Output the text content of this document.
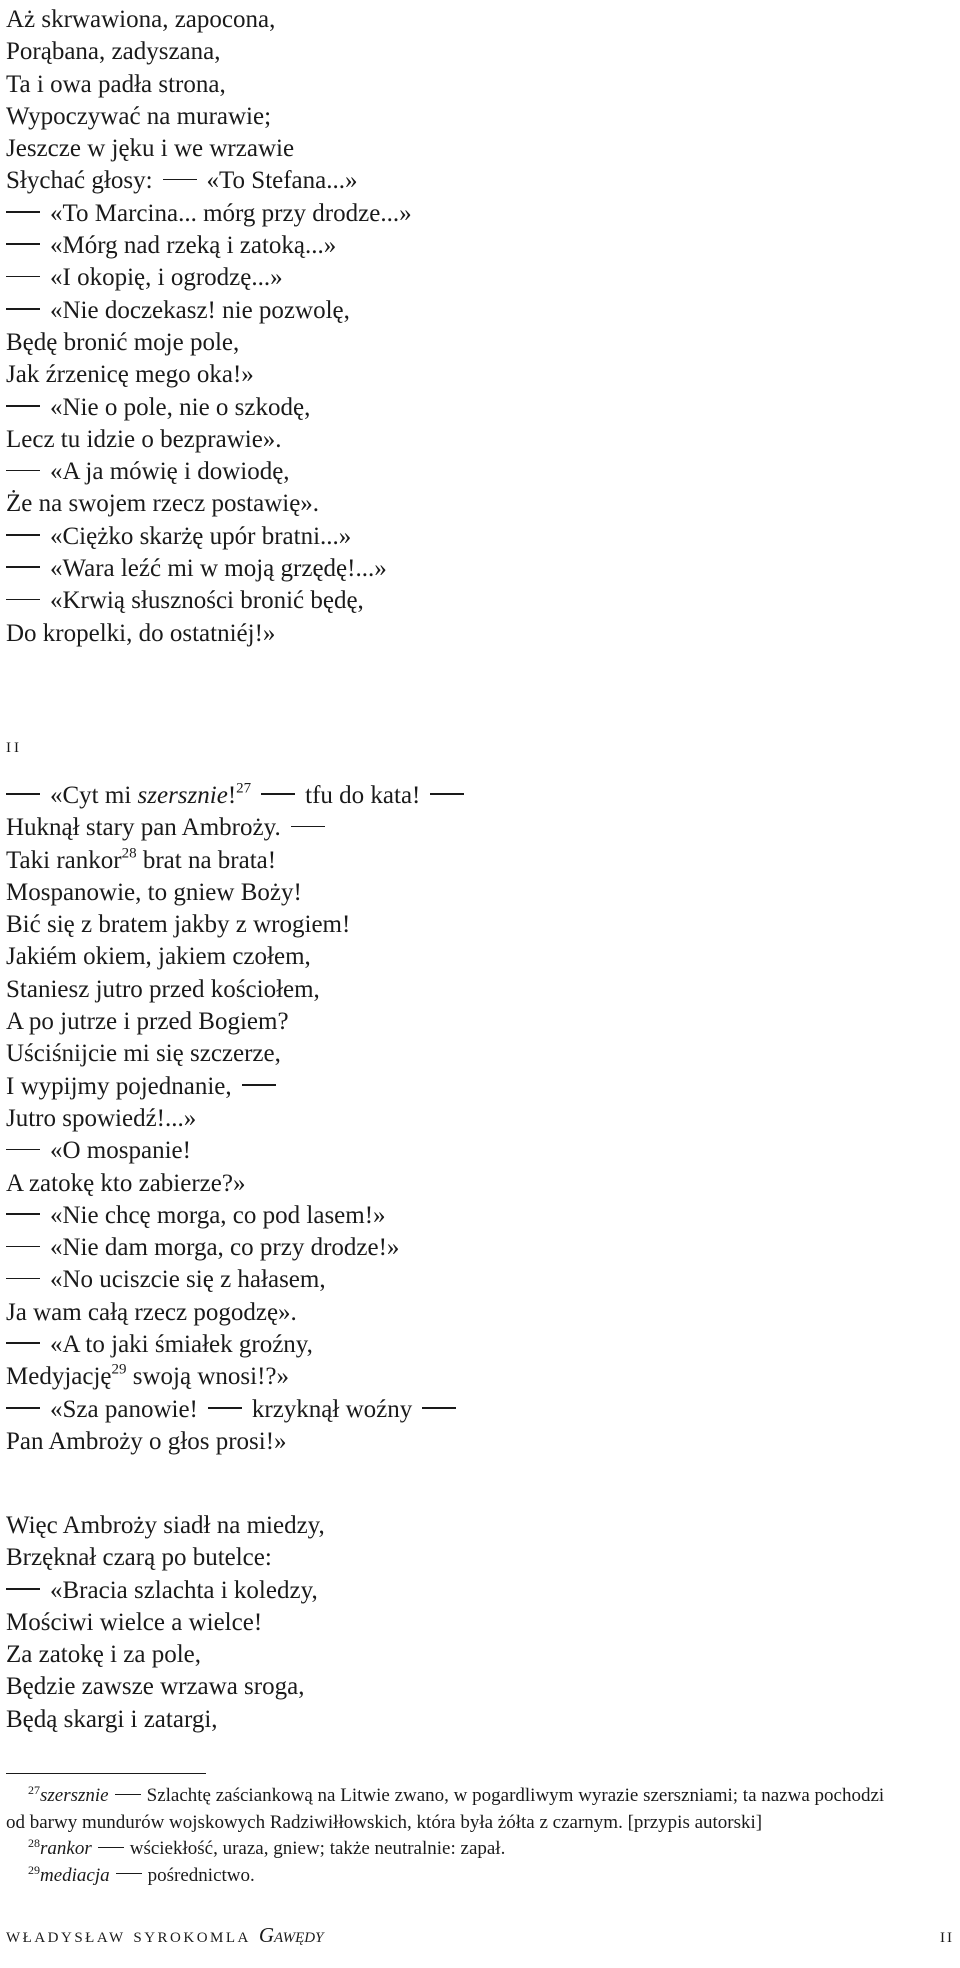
Aż skrwawiona, zapocona,
Porąbana, zadyszana,
Ta i owa padła strona,
Wypoczywać na murawie;
Jeszcze w jęku i we wrzawie
Słychać głosy: «To Stefana...»
«To Marcina... mórg przy drodze...»
«Mórg nad rzeką i zatoką...»
«I okopię, i ogrodzę...»
«Nie doczekasz! nie pozwolę,
Będę bronić moje pole,
Jak źrzenicę mego oka!»
«Nie o pole, nie o szkodę,
Lecz tu idzie o bezprawie».
«A ja mówię i dowiodę,
Że na swojem rzecz postawię».
«Ciężko skarżę upór bratni...»
«Wara leźć mi w moją grzędę!...»
«Krwią słuszności bronić będę,
Do kropelki, do ostatniéj!»
ii
«Cyt mi szersznie!$^{27}$ tfu do kata!
Huknął stary pan Ambroży.
Taki rankor$^{28}$ brat na brata!
Mospanowie, to gniew Boży!
Bić się z bratem jakby z wrogiem!
Jakiém okiem, jakiem czołem,
Staniesz jutro przed kościołem,
A po jutrze i przed Bogiem?
Uściśnijcie mi się szczerze,
I wypijmy pojednanie,
Jutro spowiedź!...»
«O mospanie!
A zatokę kto zabierze?»
«Nie chcę morga, co pod lasem!»
«Nie dam morga, co przy drodze!»
«No uciszcie się z hałasem,
Ja wam całą rzecz pogodzę».
«A to jaki śmiałek groźny,
Medyjację$^{29}$ swoją wnosi!?»
«Sza panowie! krzyknął woźny
Pan Ambroży o głos prosi!»
Więc Ambroży siadł na miedzy,
Brzęknał czarą po butelce:
«Bracia szlachta i koledzy,
Mościwi wielce a wielce!
Za zatokę i za pole,
Będzie zawsze wrzawa sroga,
Będą skargi i zatargi,
$^{27}$szersznie Szlachtę zaściankową na Litwie zwano, w pogardliwym wyrazie szerszniami; ta nazwa pochodzi
od barwy mundurów wojskowych Radziwiłłowskich, która była żółta z czarnym. [przypis autorski]
$^{28}$rankor wściekłość, uraza, gniew; także neutralnie: zapał.
$^{29}$mediacja pośrednictwo.
władysław syrokomla Gawędy	ii
